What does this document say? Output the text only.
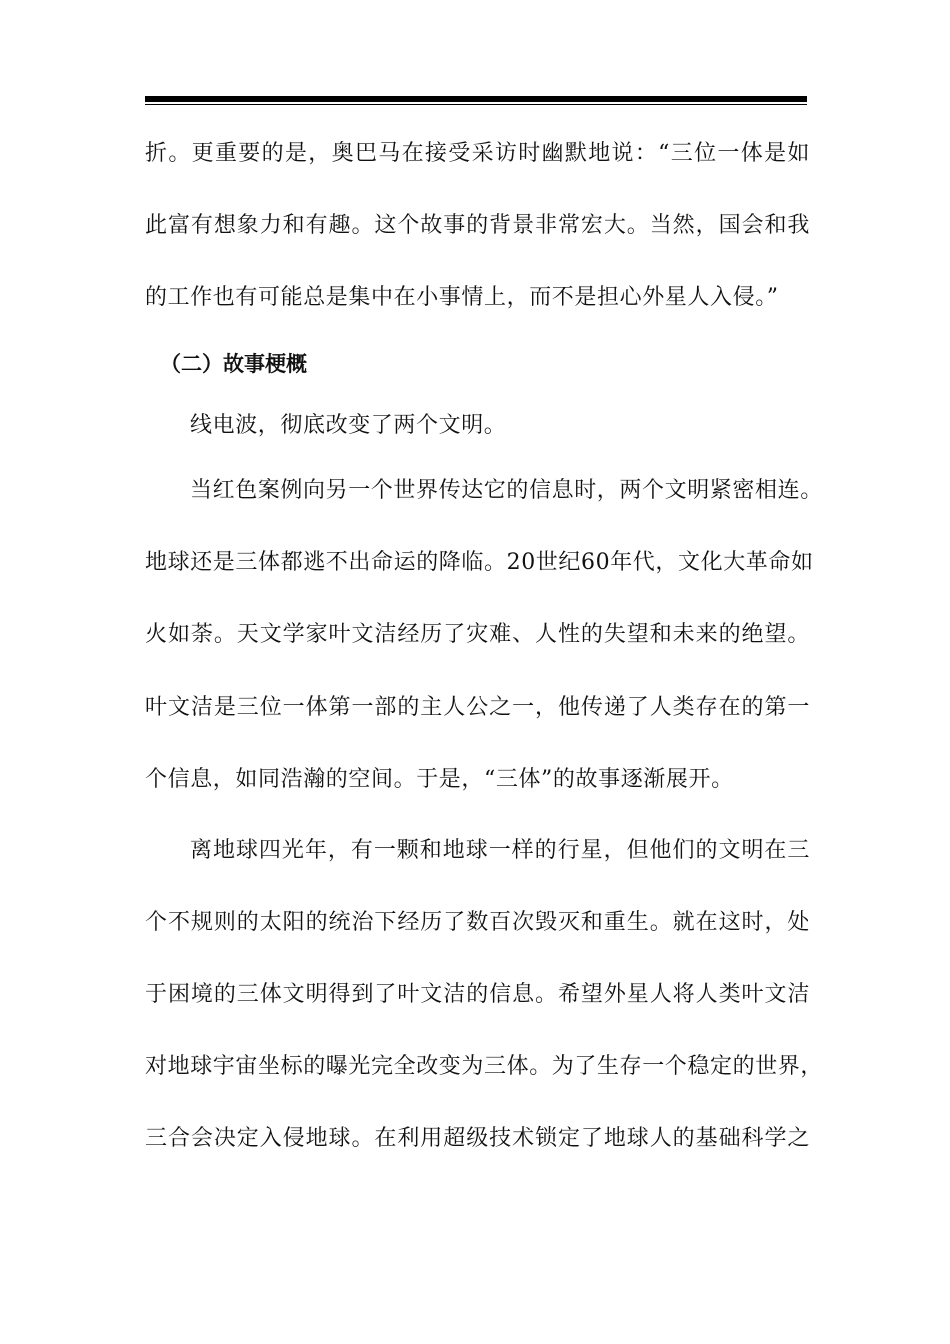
折。更重要的是，奥巴马在接受采访时幽默地说：“三位一体是如
此富有想象力和有趣。这个故事的背景非常宏大。当然，国会和我
的工作也有可能总是集中在小事情上，而不是担心外星人入侵。”
（二）故事梗概
线电波，彻底改变了两个文明。
当红色案例向另一个世界传达它的信息时，两个文明紧密相连。
地球还是三体都逃不出命运的降临。20世纪60年代，文化大革命如
火如荼。天文学家叶文洁经历了灾难、人性的失望和未来的绝望。
叶文洁是三位一体第一部的主人公之一，他传递了人类存在的第一
个信息，如同浩瀚的空间。于是，“三体”的故事逐渐展开。
离地球四光年，有一颗和地球一样的行星，但他们的文明在三
个不规则的太阳的统治下经历了数百次毁灭和重生。就在这时，处
于困境的三体文明得到了叶文洁的信息。希望外星人将人类叶文洁
对地球宇宙坐标的曝光完全改变为三体。为了生存一个稳定的世界，
三合会决定入侵地球。在利用超级技术锁定了地球人的基础科学之
